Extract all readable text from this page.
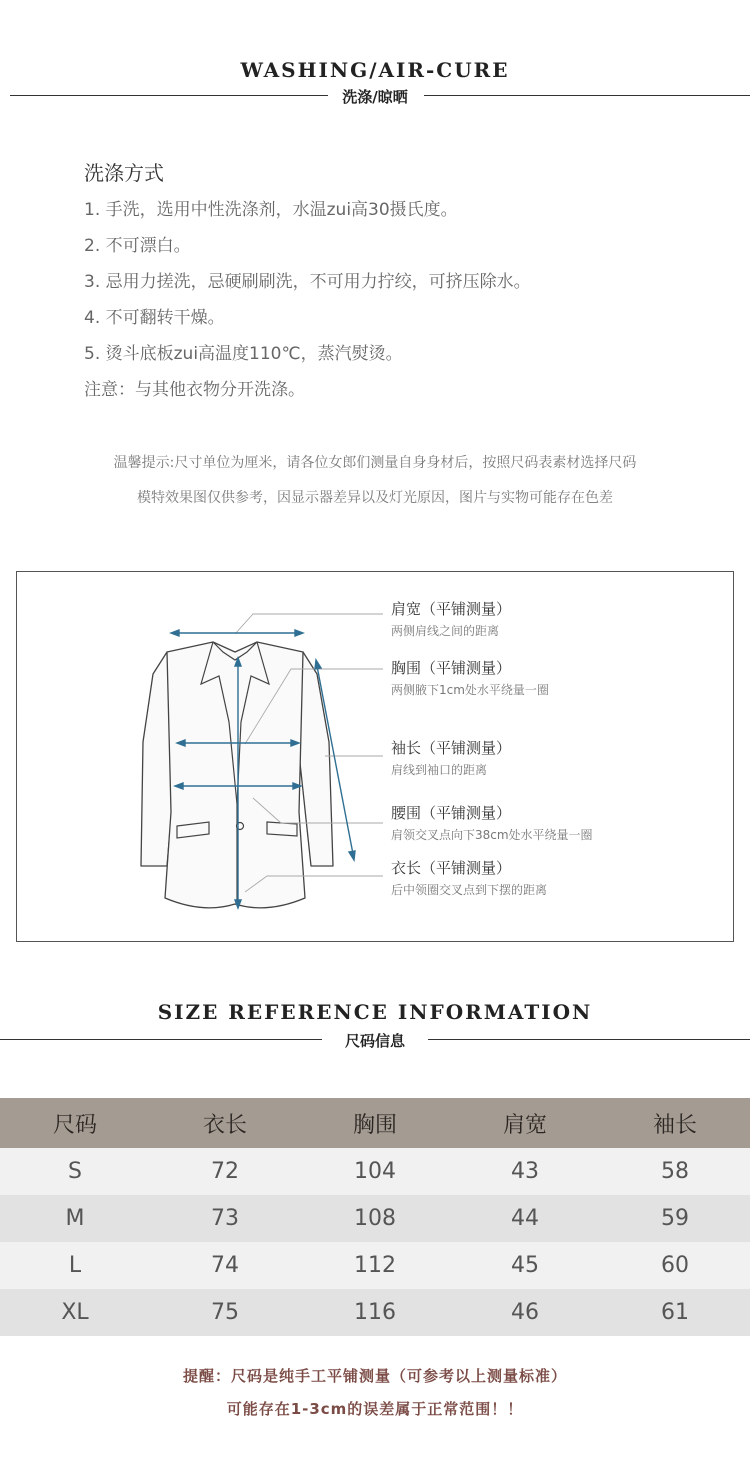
WASHING/AIR-CURE
洗涤/晾晒
洗涤方式
1. 手洗，选用中性洗涤剂，水温zui高30摄氏度。
2. 不可漂白。
3. 忌用力搓洗，忌硬刷刷洗，不可用力拧绞，可挤压除水。
4. 不可翻转干燥。
5. 烫斗底板zui高温度110℃，蒸汽熨烫。
注意：与其他衣物分开洗涤。
温馨提示:尺寸单位为厘米，请各位女郎们测量自身身材后，按照尺码表素材选择尺码
模特效果图仅供参考，因显示器差异以及灯光原因，图片与实物可能存在色差
肩宽（平铺测量）
两侧肩线之间的距离
胸围（平铺测量）
两侧腋下1cm处水平绕量一圈
袖长（平铺测量）
肩线到袖口的距离
腰围（平铺测量）
肩领交叉点向下38cm处水平绕量一圈
衣长（平铺测量）
后中领圈交叉点到下摆的距离
SIZE REFERENCE INFORMATION
尺码信息
尺码	衣长	胸围	肩宽	袖长
S	72	104	43	58
M	73	108	44	59
L	74	112	45	60
XL	75	116	46	61
提醒：尺码是纯手工平铺测量（可参考以上测量标准）
可能存在1-3cm的误差属于正常范围！！
